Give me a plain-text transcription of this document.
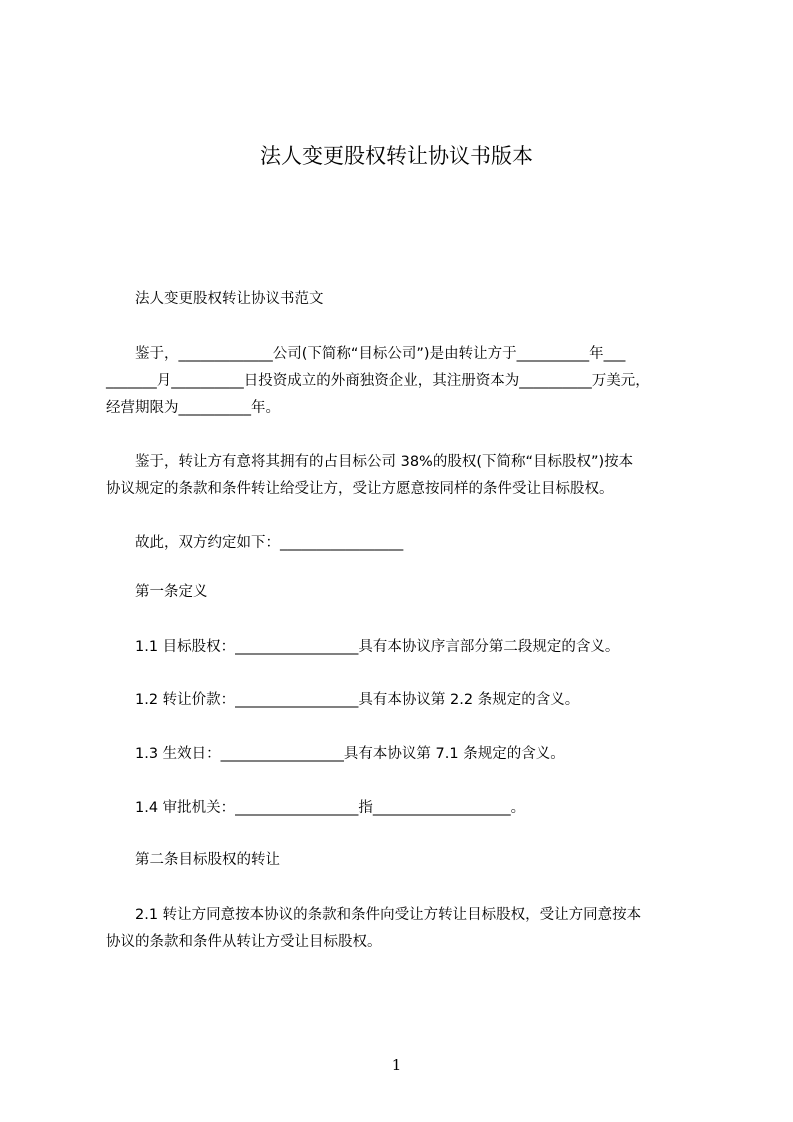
法人变更股权转让协议书版本
法人变更股权转让协议书范文
鉴于，_____________公司(下简称“目标公司”)是由转让方于__________年___
_______月__________日投资成立的外商独资企业，其注册资本为__________万美元，
经营期限为__________年。
鉴于，转让方有意将其拥有的占目标公司 38%的股权(下简称“目标股权”)按本
协议规定的条款和条件转让给受让方，受让方愿意按同样的条件受让目标股权。
故此，双方约定如下：_________________
第一条定义
1.1 目标股权：_________________具有本协议序言部分第二段规定的含义。
1.2 转让价款：_________________具有本协议第 2.2 条规定的含义。
1.3 生效日：_________________具有本协议第 7.1 条规定的含义。
1.4 审批机关：_________________指___________________。
第二条目标股权的转让
2.1 转让方同意按本协议的条款和条件向受让方转让目标股权，受让方同意按本
协议的条款和条件从转让方受让目标股权。
1
